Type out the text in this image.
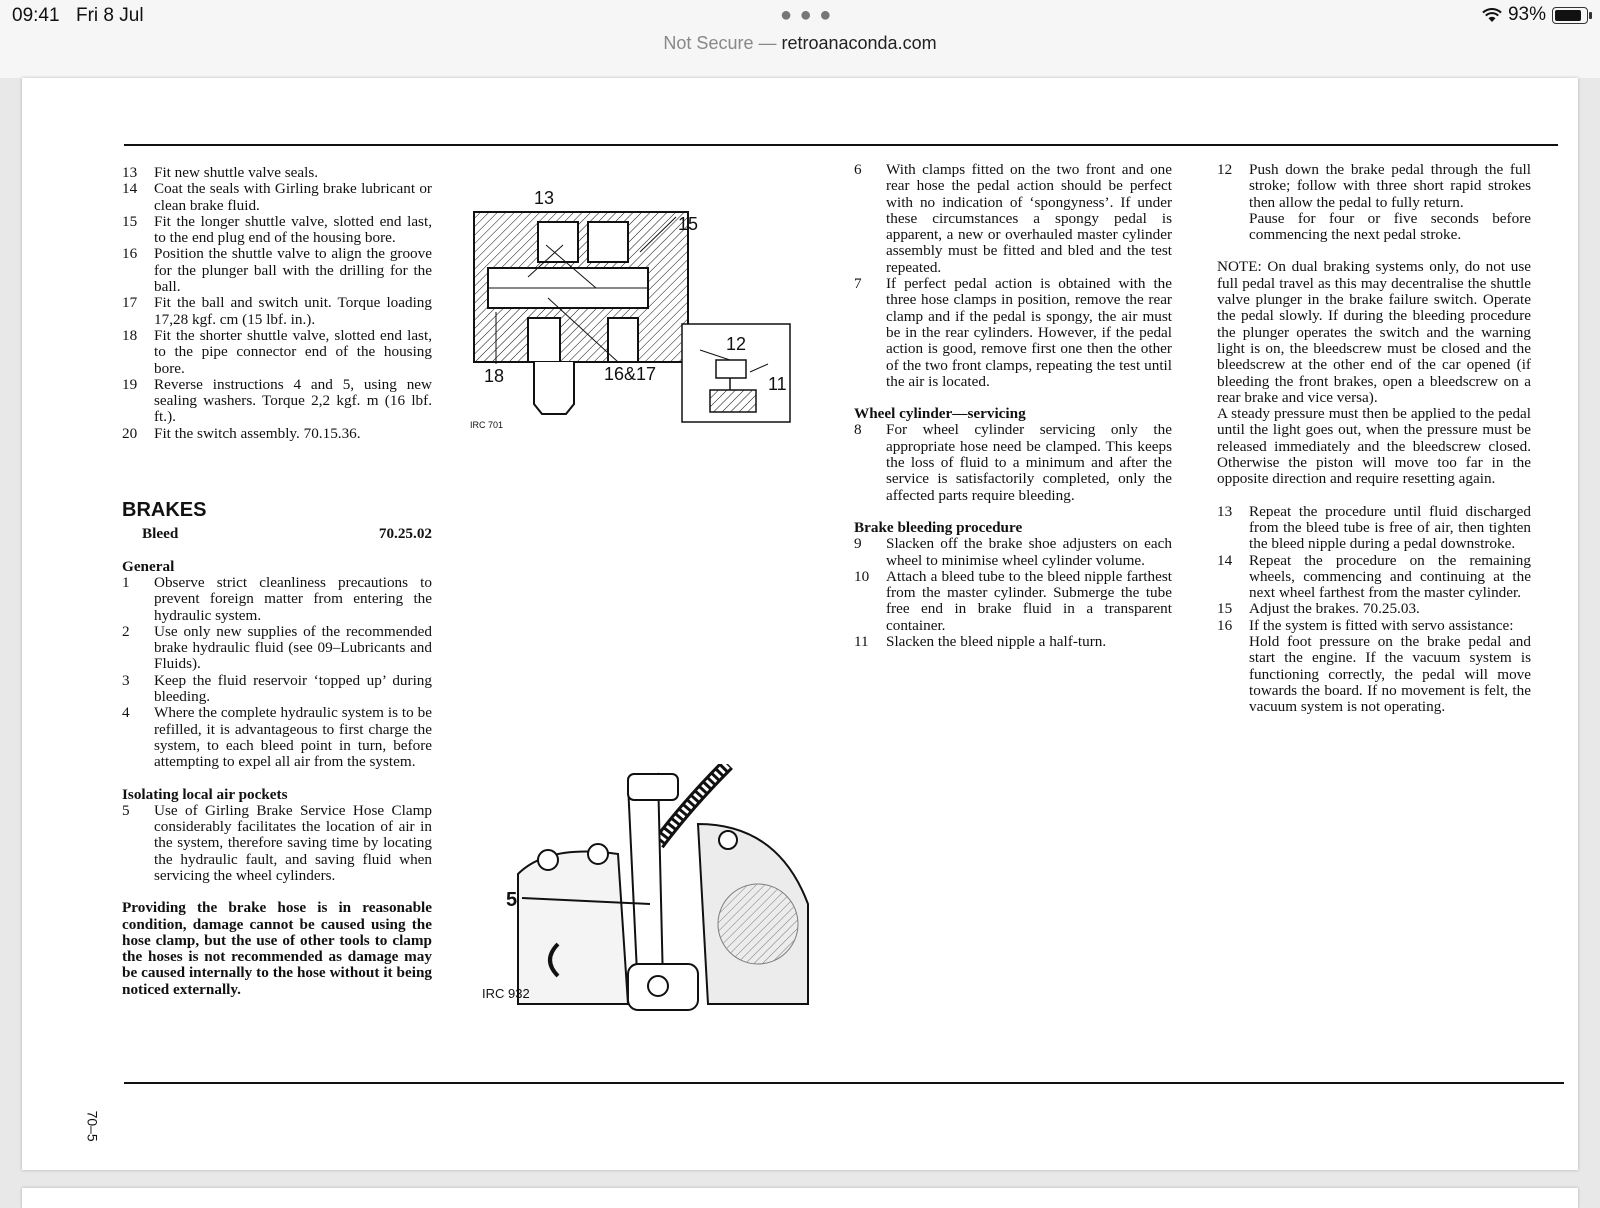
09:41 Fri 8 Jul	● ● ●
Not Secure — retroanaconda.com
93%
70–5
13	Fit new shuttle valve seals.
14	Coat the seals with Girling brake lubricant or clean brake fluid.
15	Fit the longer shuttle valve, slotted end last, to the end plug end of the housing bore.
16	Position the shuttle valve to align the groove for the plunger ball with the drilling for the ball.
17	Fit the ball and switch unit. Torque loading 17,28 kgf. cm (15 lbf. in.).
18	Fit the shorter shuttle valve, slotted end last, to the pipe connector end of the housing bore.
19	Reverse instructions 4 and 5, using new sealing washers. Torque 2,2 kgf. m (16 lbf. ft.).
20	Fit the switch assembly. 70.15.36.
BRAKES
Bleed	70.25.02
General
1	Observe strict cleanliness precautions to prevent foreign matter from entering the hydraulic system.
2	Use only new supplies of the recommended brake hydraulic fluid (see 09–Lubricants and Fluids).
3	Keep the fluid reservoir ‘topped up’ during bleeding.
4	Where the complete hydraulic system is to be refilled, it is advantageous to first charge the system, to each bleed point in turn, before attempting to expel all air from the system.
Isolating local air pockets
5	Use of Girling Brake Service Hose Clamp considerably facilitates the location of air in the system, therefore saving time by locating the hydraulic fault, and saving fluid when servicing the wheel cylinders.
Providing the brake hose is in reasonable condition, damage cannot be caused using the hose clamp, but the use of other tools to clamp the hoses is not recommended as damage may be caused internally to the hose without it being noticed externally.
13
15
12
11
18	16&17
IRC 701
5
IRC 932
6	With clamps fitted on the two front and one rear hose the pedal action should be perfect with no indication of ‘spongyness’. If under these circumstances a spongy pedal is apparent, a new or overhauled master cylinder assembly must be fitted and bled and the test repeated.
7	If perfect pedal action is obtained with the three hose clamps in position, remove the rear clamp and if the pedal is spongy, the air must be in the rear cylinders. However, if the pedal action is good, remove first one then the other of the two front clamps, repeating the test until the air is located.
Wheel cylinder—servicing
8	For wheel cylinder servicing only the appropriate hose need be clamped. This keeps the loss of fluid to a minimum and after the service is satisfactorily completed, only the affected parts require bleeding.
Brake bleeding procedure
9	Slacken off the brake shoe adjusters on each wheel to minimise wheel cylinder volume.
10	Attach a bleed tube to the bleed nipple farthest from the master cylinder. Submerge the tube free end in brake fluid in a transparent container.
11	Slacken the bleed nipple a half-turn.
12	Push down the brake pedal through the full stroke; follow with three short rapid strokes then allow the pedal to fully return.
Pause for four or five seconds before commencing the next pedal stroke.
NOTE: On dual braking systems only, do not use full pedal travel as this may decentralise the shuttle valve plunger in the brake failure switch. Operate the pedal slowly. If during the bleeding procedure the plunger operates the switch and the warning light is on, the bleedscrew must be closed and the bleedscrew at the other end of the car opened (if bleeding the front brakes, open a bleedscrew on a rear brake and vice versa).
A steady pressure must then be applied to the pedal until the light goes out, when the pressure must be released immediately and the bleedscrew closed. Otherwise the piston will move too far in the opposite direction and require resetting again.
13	Repeat the procedure until fluid discharged from the bleed tube is free of air, then tighten the bleed nipple during a pedal downstroke.
14	Repeat the procedure on the remaining wheels, commencing and continuing at the next wheel farthest from the master cylinder.
15	Adjust the brakes. 70.25.03.
16	If the system is fitted with servo assistance:
Hold foot pressure on the brake pedal and start the engine. If the vacuum system is functioning correctly, the pedal will move towards the board. If no movement is felt, the vacuum system is not operating.
